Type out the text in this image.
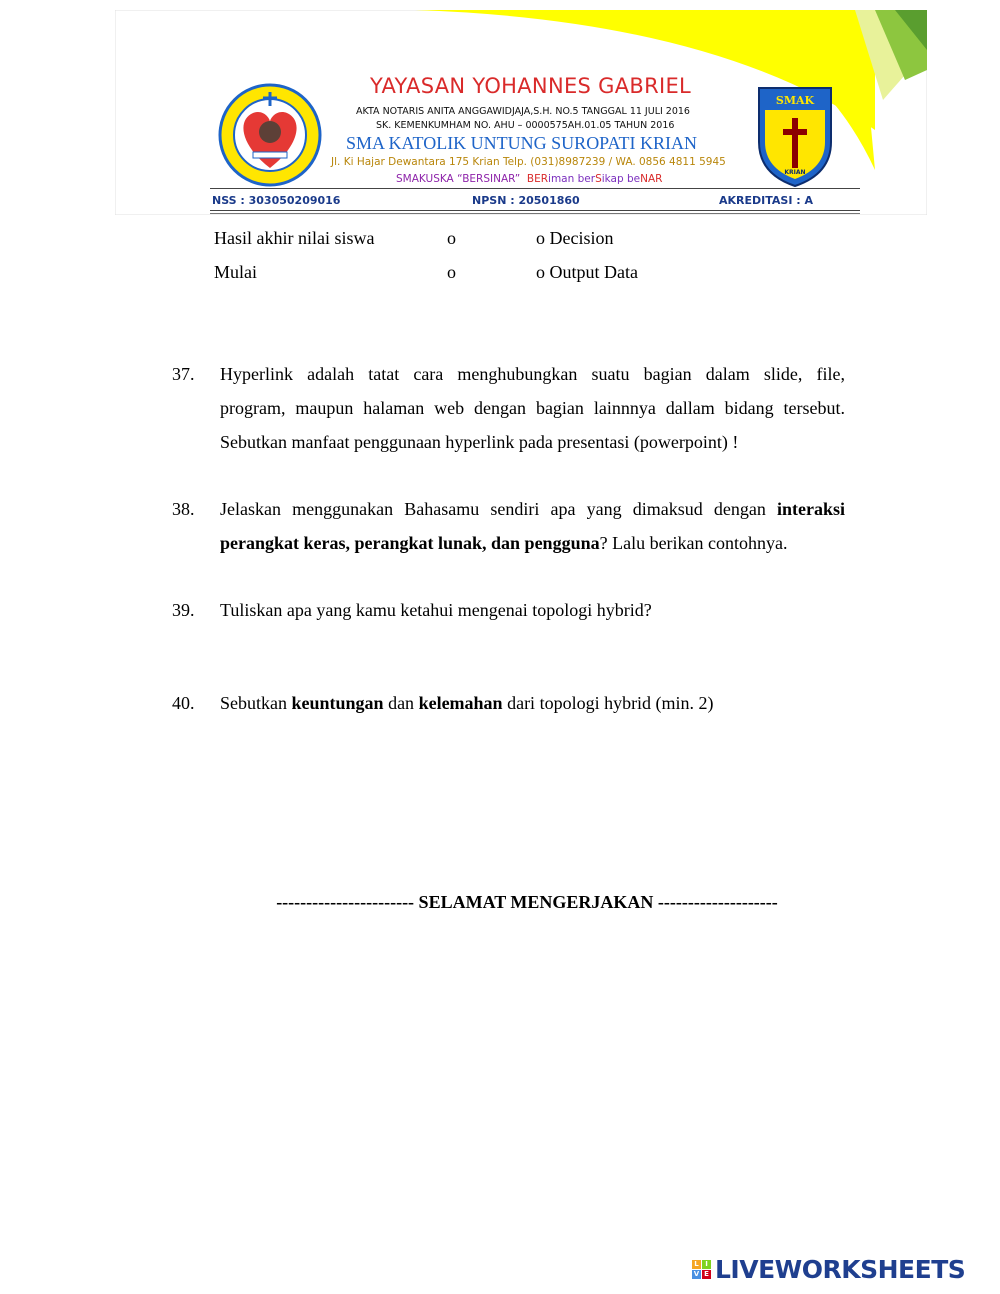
YAYASAN YOHANNES GABRIEL
AKTA NOTARIS ANITA ANGGAWIDJAJA,S.H. NO.5 TANGGAL 11 JULI 2016
SK. KEMENKUMHAM NO. AHU – 0000575AH.01.05 TAHUN 2016
SMA KATOLIK UNTUNG SUROPATI KRIAN
Jl. Ki Hajar Dewantara 175 Krian Telp. (031)8987239 / WA. 0856 4811 5945
SMAKUSKA “BERSINAR” BERiman berSikap beNAR
SMAK
KRIAN
NSS : 303050209016	NPSN : 20501860	AKREDITASI : A
Hasil akhir nilai siswa	o	o Decision
Mulai	o	o Output Data
37. Hyperlink adalah tatat cara menghubungkan suatu bagian dalam slide, file,

program, maupun halaman web dengan bagian lainnnya dallam bidang tersebut.

Sebutkan manfaat penggunaan hyperlink pada presentasi (powerpoint) !

38. Jelaskan menggunakan Bahasamu sendiri apa yang dimaksud dengan interaksi

perangkat keras, perangkat lunak, dan pengguna? Lalu berikan contohnya.

39. Tuliskan apa yang kamu ketahui mengenai topologi hybrid?

40. Sebutkan keuntungan dan kelemahan dari topologi hybrid (min. 2)

----------------------- SELAMAT MENGERJAKAN --------------------
L I
V E LIVEWORKSHEETS
